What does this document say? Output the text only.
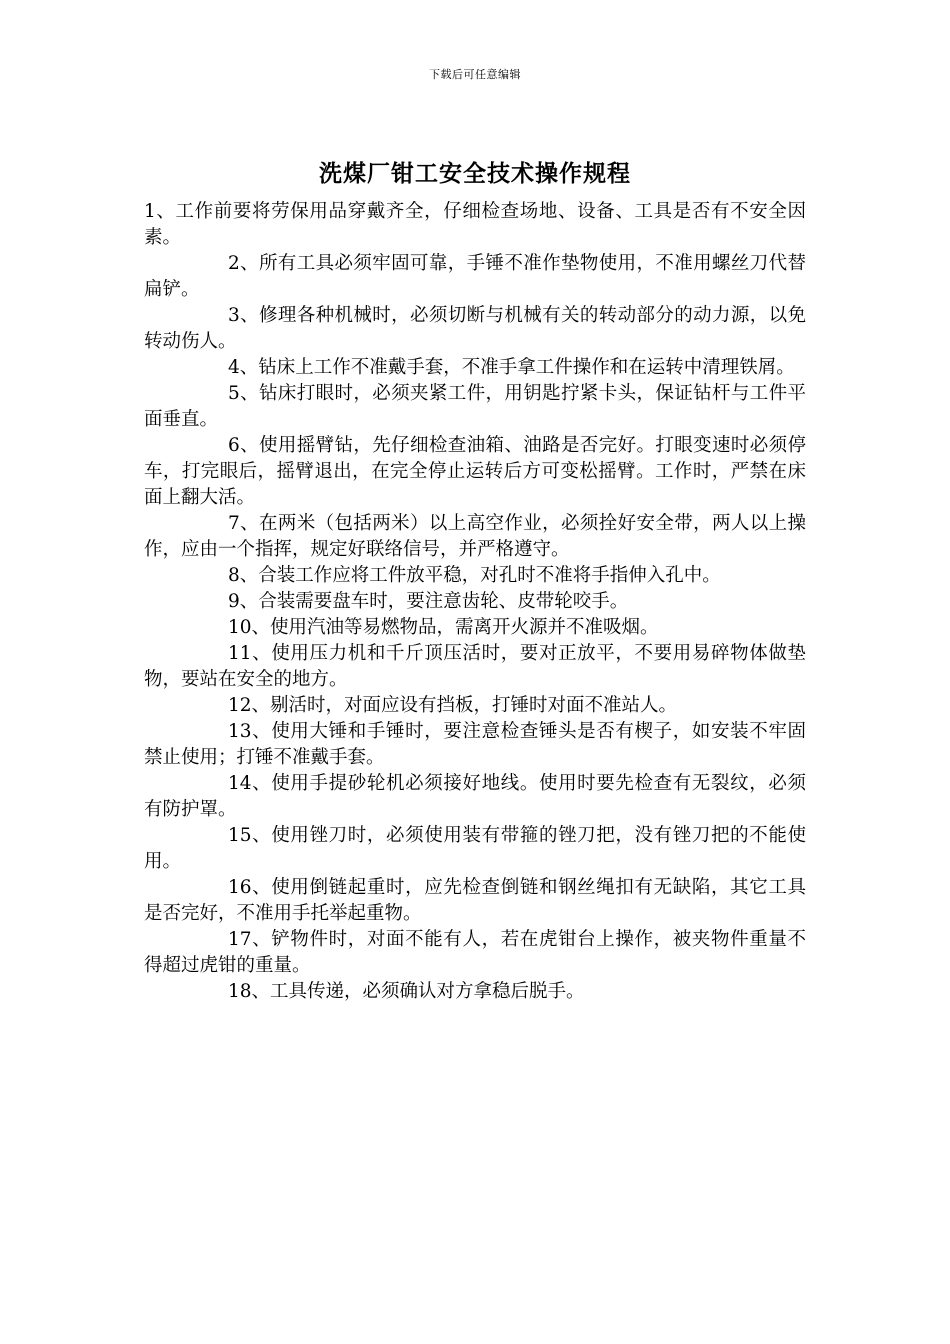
下载后可任意编辑
洗煤厂钳工安全技术操作规程

1、工作前要将劳保用品穿戴齐全，仔细检查场地、设备、工具是否有不安全因素。

2、所有工具必须牢固可靠，手锤不准作垫物使用，不准用螺丝刀代替扁铲。

3、修理各种机械时，必须切断与机械有关的转动部分的动力源，以免转动伤人。

4、钻床上工作不准戴手套，不准手拿工件操作和在运转中清理铁屑。

5、钻床打眼时，必须夹紧工件，用钥匙拧紧卡头，保证钻杆与工件平面垂直。

6、使用摇臂钻，先仔细检查油箱、油路是否完好。打眼变速时必须停车，打完眼后，摇臂退出，在完全停止运转后方可变松摇臂。工作时，严禁在床面上翻大活。

7、在两米（包括两米）以上高空作业，必须拴好安全带，两人以上操作，应由一个指挥，规定好联络信号，并严格遵守。

8、合装工作应将工件放平稳，对孔时不准将手指伸入孔中。

9、合装需要盘车时，要注意齿轮、皮带轮咬手。

10、使用汽油等易燃物品，需离开火源并不准吸烟。

11、使用压力机和千斤顶压活时，要对正放平，不要用易碎物体做垫物，要站在安全的地方。

12、剔活时，对面应设有挡板，打锤时对面不准站人。

13、使用大锤和手锤时，要注意检查锤头是否有楔子，如安装不牢固禁止使用；打锤不准戴手套。

14、使用手提砂轮机必须接好地线。使用时要先检查有无裂纹，必须有防护罩。

15、使用锉刀时，必须使用装有带箍的锉刀把，没有锉刀把的不能使用。

16、使用倒链起重时，应先检查倒链和钢丝绳扣有无缺陷，其它工具是否完好，不准用手托举起重物。

17、铲物件时，对面不能有人，若在虎钳台上操作，被夹物件重量不得超过虎钳的重量。

18、工具传递，必须确认对方拿稳后脱手。
